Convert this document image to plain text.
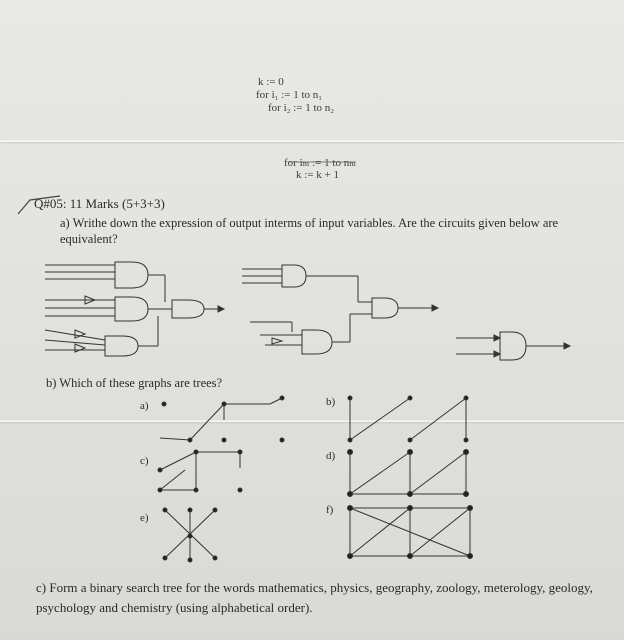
k := 0
for i₁ := 1 to n₁
for i₂ := 1 to n₂
for iₘ := 1 to nₘ
k := k + 1
Q#05: 11 Marks (5+3+3)
a) Writhe down the expression of output interms of input variables. Are the circuits given below are equivalent?
b) Which of these graphs are trees?
c) Form a binary search tree for the words mathematics, physics, geography, zoology, meterology, geology, psychology and chemistry (using alphabetical order).
a)	b)
c)	d)
e)
f)
